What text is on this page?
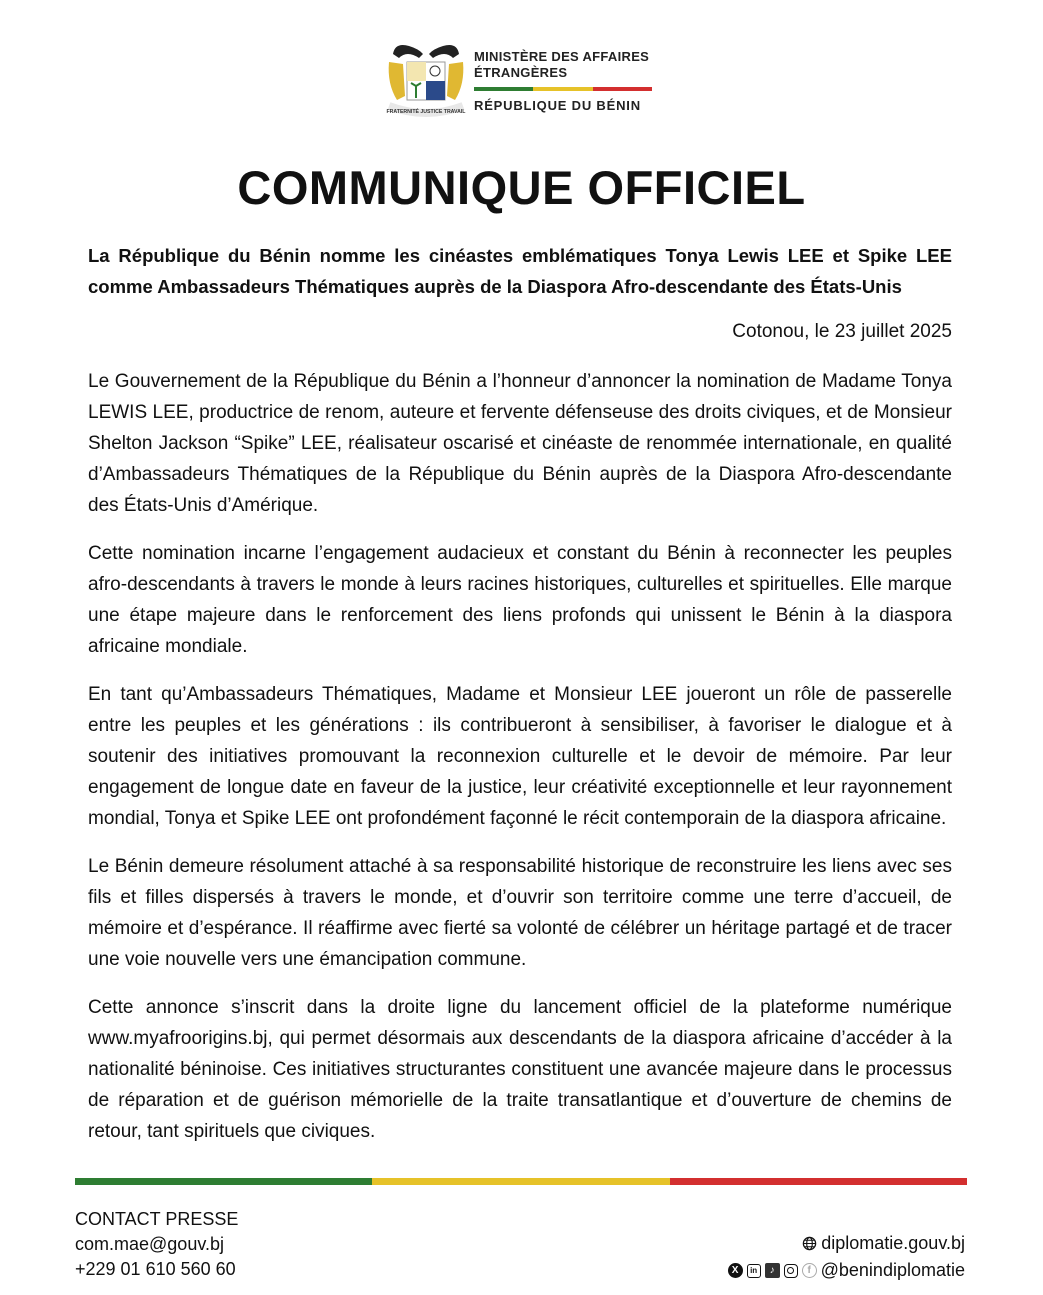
FRATERNITÉ JUSTICE TRAVAIL
MINISTÈRE DES AFFAIRES
ÉTRANGÈRES
RÉPUBLIQUE DU BÉNIN
COMMUNIQUE OFFICIEL
La République du Bénin nomme les cinéastes emblématiques Tonya Lewis LEE et Spike LEE comme Ambassadeurs Thématiques auprès de la Diaspora Afro-descendante des États-Unis
Cotonou, le 23 juillet 2025

Le Gouvernement de la République du Bénin a l’honneur d’annoncer la nomination de Madame Tonya LEWIS LEE, productrice de renom, auteure et fervente défenseuse des droits civiques, et de Monsieur Shelton Jackson “Spike” LEE, réalisateur oscarisé et cinéaste de renommée internationale, en qualité d’Ambassadeurs Thématiques de la République du Bénin auprès de la Diaspora Afro-descendante des États-Unis d’Amérique.

Cette nomination incarne l’engagement audacieux et constant du Bénin à reconnecter les peuples afro-descendants à travers le monde à leurs racines historiques, culturelles et spirituelles. Elle marque une étape majeure dans le renforcement des liens profonds qui unissent le Bénin à la diaspora africaine mondiale.

En tant qu’Ambassadeurs Thématiques, Madame et Monsieur LEE joueront un rôle de passerelle entre les peuples et les générations : ils contribueront à sensibiliser, à favoriser le dialogue et à soutenir des initiatives promouvant la reconnexion culturelle et le devoir de mémoire. Par leur engagement de longue date en faveur de la justice, leur créativité exceptionnelle et leur rayonnement mondial, Tonya et Spike LEE ont profondément façonné le récit contemporain de la diaspora africaine.

Le Bénin demeure résolument attaché à sa responsabilité historique de reconstruire les liens avec ses fils et filles dispersés à travers le monde, et d’ouvrir son territoire comme une terre d’accueil, de mémoire et d’espérance. Il réaffirme avec fierté sa volonté de célébrer un héritage partagé et de tracer une voie nouvelle vers une émancipation commune.

Cette annonce s’inscrit dans la droite ligne du lancement officiel de la plateforme numérique www.myafroorigins.bj, qui permet désormais aux descendants de la diaspora africaine d’accéder à la nationalité béninoise. Ces initiatives structurantes constituent une avancée majeure dans le processus de réparation et de guérison mémorielle de la traite transatlantique et d’ouverture de chemins de retour, tant spirituels que civiques.

CONTACT PRESSE
com.mae@gouv.bj
+229 01 610 560 60
diplomatie.gouv.bj
X	in	♪	f @benindiplomatie
